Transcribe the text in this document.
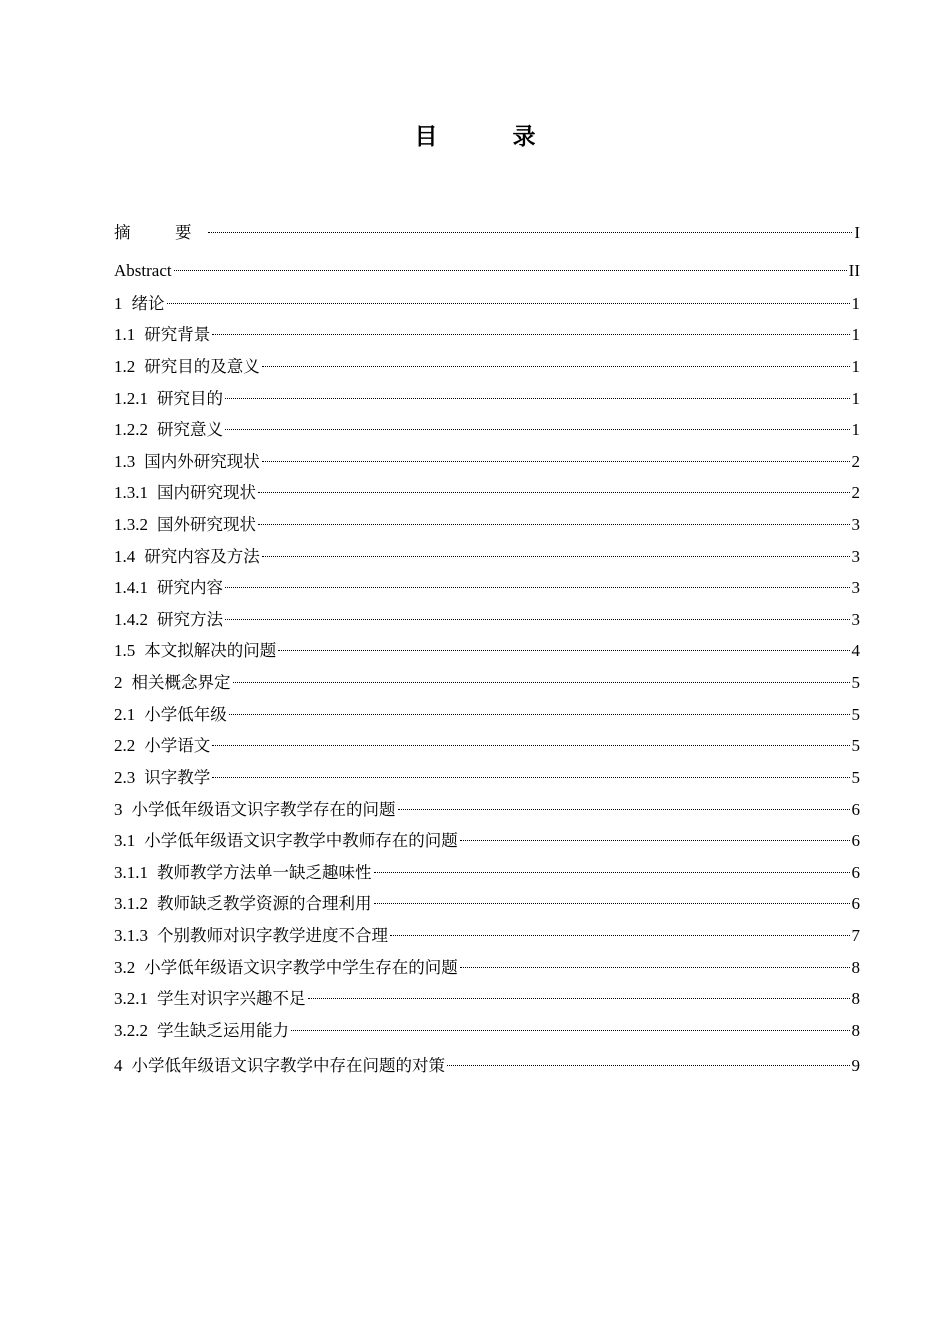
目　录
摘　要	I
Abstract	II
1 绪论	1
1.1 研究背景	1
1.2 研究目的及意义	1
1.2.1 研究目的	1
1.2.2 研究意义	1
1.3 国内外研究现状	2
1.3.1 国内研究现状	2
1.3.2 国外研究现状	3
1.4 研究内容及方法	3
1.4.1 研究内容	3
1.4.2 研究方法	3
1.5 本文拟解决的问题	4
2 相关概念界定	5
2.1 小学低年级	5
2.2 小学语文	5
2.3 识字教学	5
3 小学低年级语文识字教学存在的问题	6
3.1 小学低年级语文识字教学中教师存在的问题	6
3.1.1 教师教学方法单一缺乏趣味性	6
3.1.2 教师缺乏教学资源的合理利用	6
3.1.3 个别教师对识字教学进度不合理	7
3.2 小学低年级语文识字教学中学生存在的问题	8
3.2.1 学生对识字兴趣不足	8
3.2.2 学生缺乏运用能力	8
4 小学低年级语文识字教学中存在问题的对策	9
